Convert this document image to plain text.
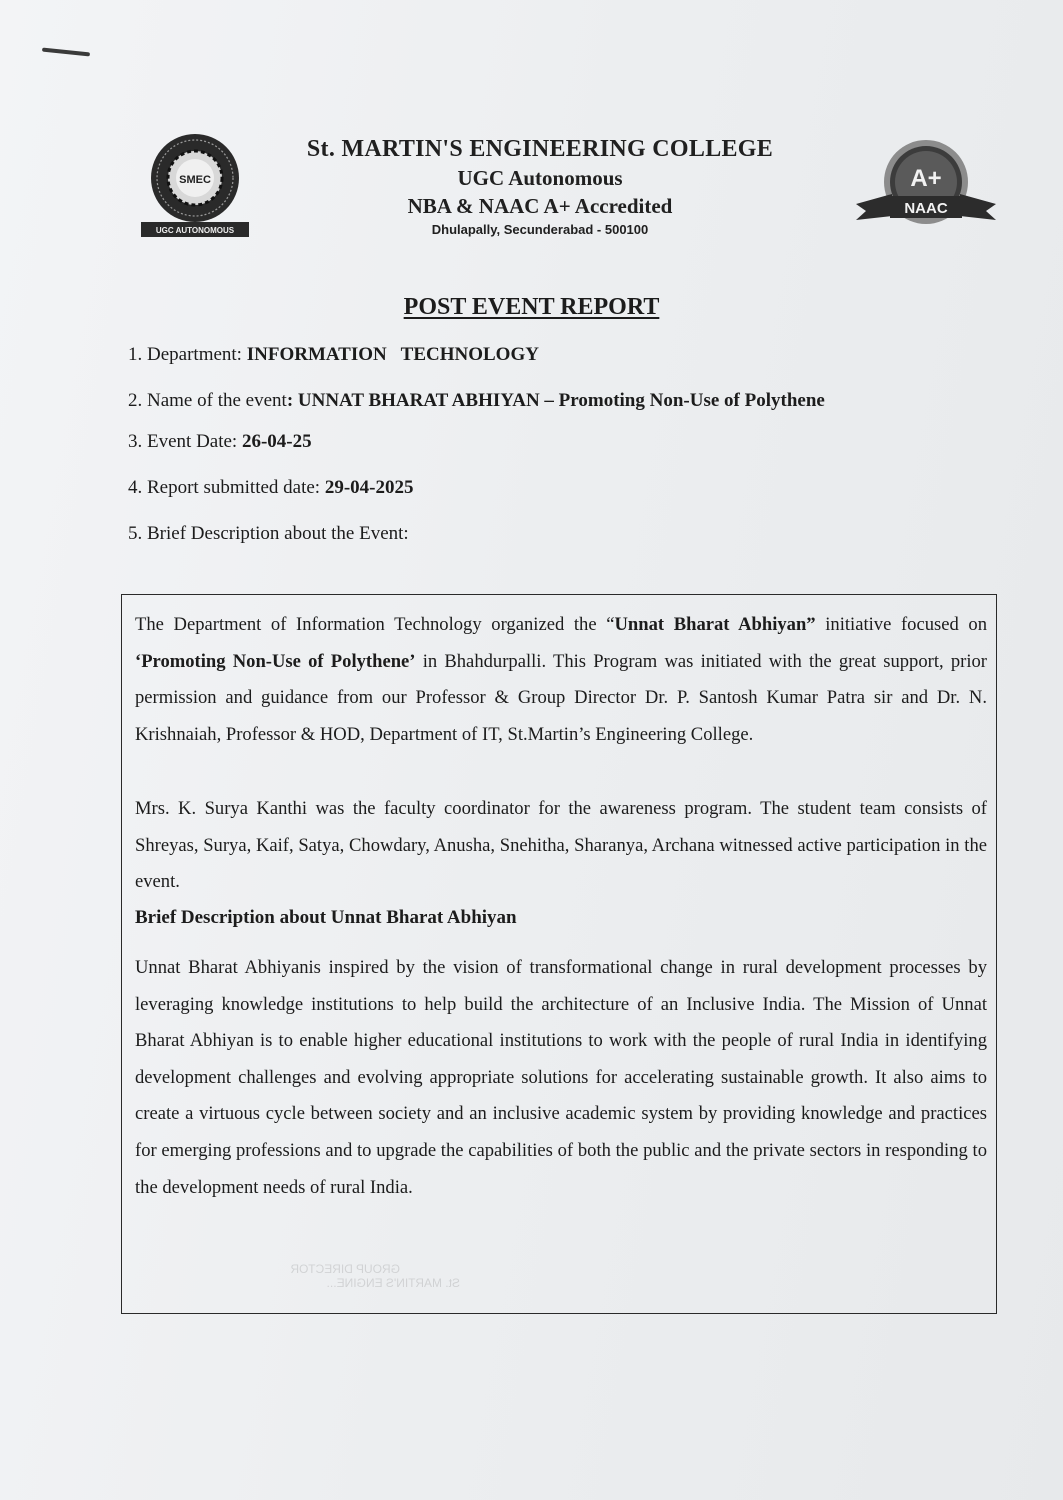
SMEC
UGC AUTONOMOUS
St. MARTIN'S ENGINEERING COLLEGE
UGC Autonomous
NBA & NAAC A+ Accredited
Dhulapally, Secunderabad - 500100
A+
NAAC
POST EVENT REPORT
1. Department: INFORMATION   TECHNOLOGY
2. Name of the event: UNNAT BHARAT ABHIYAN – Promoting Non-Use of Polythene
3. Event Date: 26-04-25
4. Report submitted date: 29-04-2025
5. Brief Description about the Event:

The Department of Information Technology organized the “Unnat Bharat Abhiyan” initiative focused on ‘Promoting Non-Use of Polythene’ in Bhahdurpalli. This Program was initiated with the great support, prior permission and guidance from our Professor & Group Director Dr. P. Santosh Kumar Patra sir and Dr. N. Krishnaiah, Professor & HOD, Department of IT, St.Martin’s Engineering College.

Mrs. K. Surya Kanthi was the faculty coordinator for the awareness program. The student team consists of Shreyas, Surya, Kaif, Satya, Chowdary, Anusha, Snehitha, Sharanya, Archana witnessed active participation in the event.

Brief Description about Unnat Bharat Abhiyan

Unnat Bharat Abhiyanis inspired by the vision of transformational change in rural development processes by leveraging knowledge institutions to help build the architecture of an Inclusive India. The Mission of Unnat Bharat Abhiyan is to enable higher educational institutions to work with the people of rural India in identifying development challenges and evolving appropriate solutions for accelerating sustainable growth. It also aims to create a virtuous cycle between society and an inclusive academic system by providing knowledge and practices for emerging professions and to upgrade the capabilities of both the public and the private sectors in responding to the development needs of rural India.

GROUP DIRECTOR
St. MARTIN'S ENGINE...
